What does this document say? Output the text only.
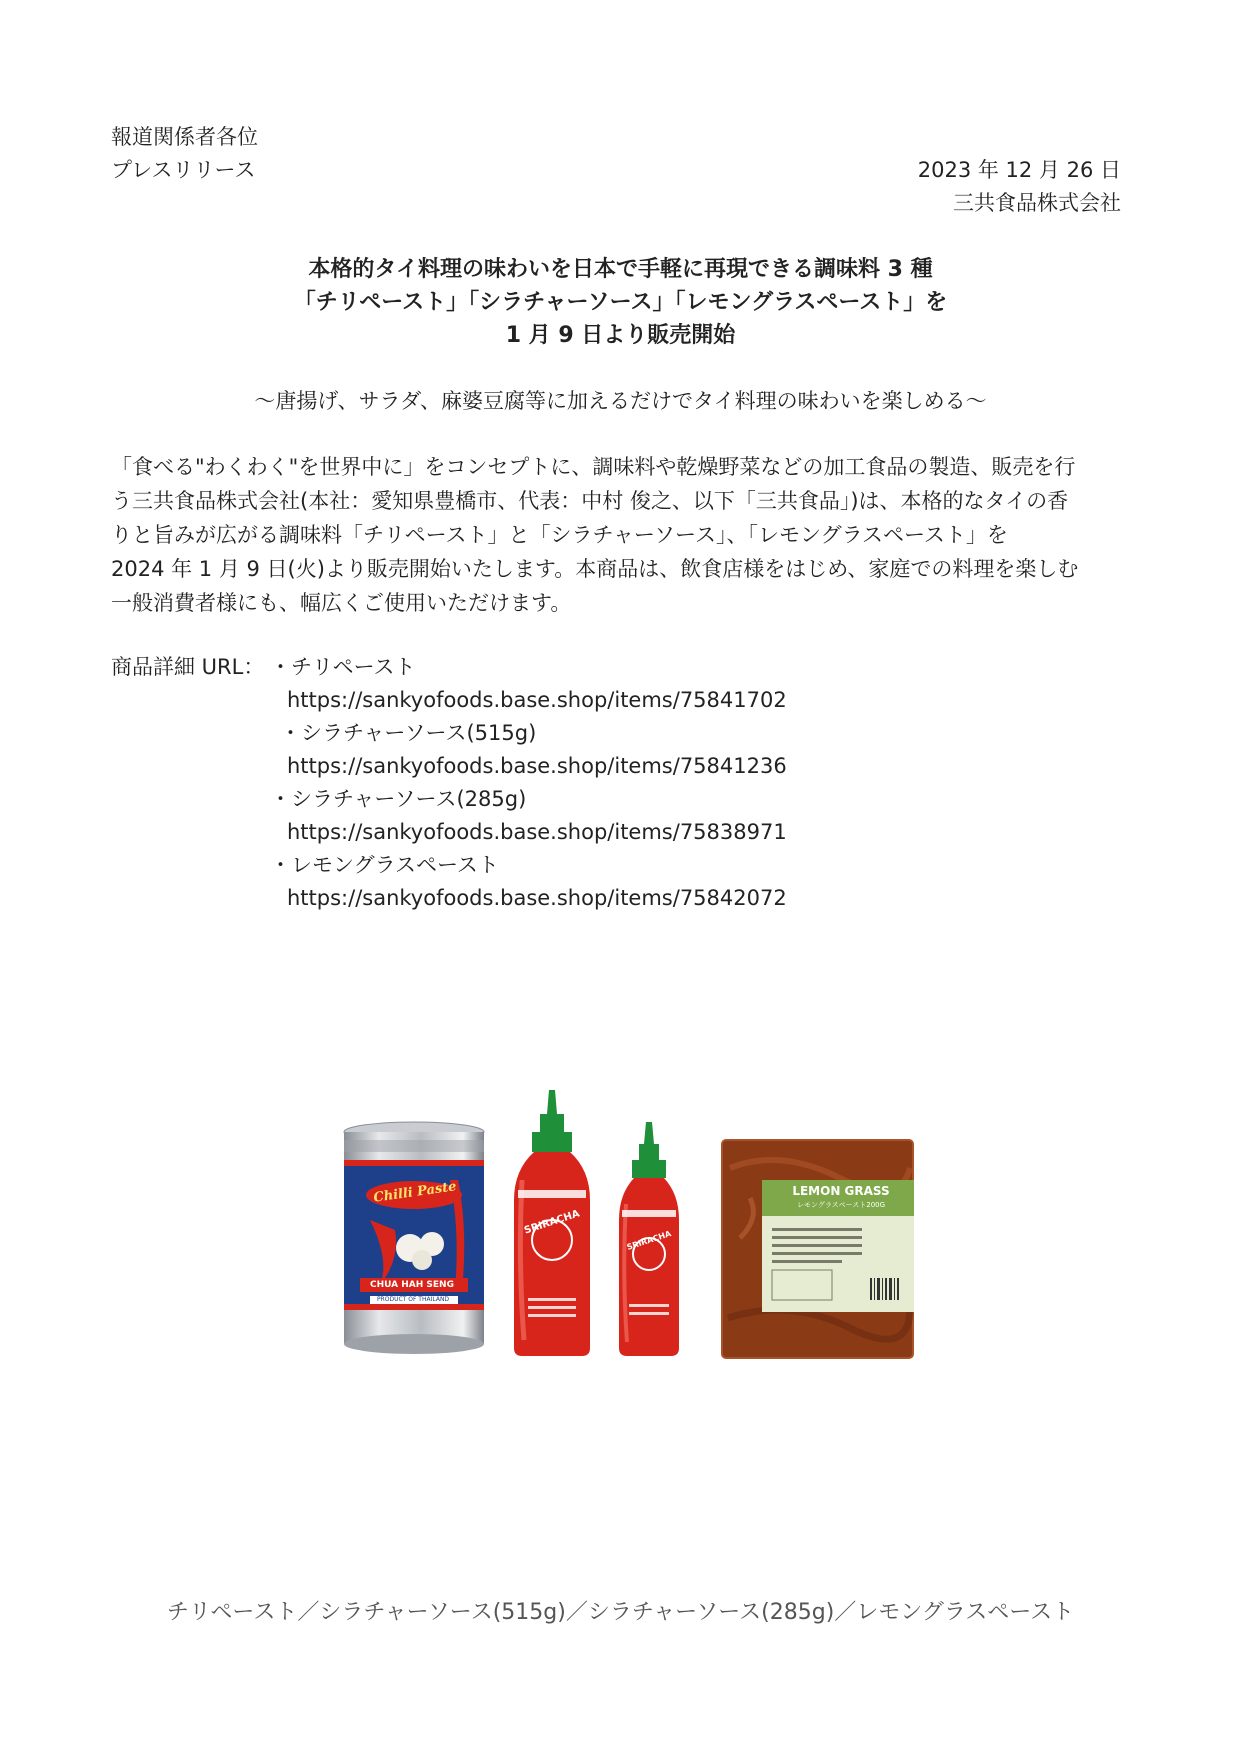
報道関係者各位
プレスリリース	2023 年 12 月 26 日
三共食品株式会社
本格的タイ料理の味わいを日本で手軽に再現できる調味料 3 種
「チリペースト」「シラチャーソース」「レモングラスペースト」を
1 月 9 日より販売開始
～唐揚げ、サラダ、麻婆豆腐等に加えるだけでタイ料理の味わいを楽しめる～
「食べる"わくわく"を世界中に」をコンセプトに、調味料や乾燥野菜などの加工食品の製造、販売を行
う三共食品株式会社(本社：愛知県豊橋市、代表：中村 俊之、以下「三共食品」)は、本格的なタイの香
りと旨みが広がる調味料「チリペースト」と「シラチャーソース」、「レモングラスペースト」を
2024 年 1 月 9 日(火)より販売開始いたします。本商品は、飲食店様をはじめ、家庭での料理を楽しむ
一般消費者様にも、幅広くご使用いただけます。
商品詳細 URL： ・チリペースト
https://sankyofoods.base.shop/items/75841702
・シラチャーソース(515g)
https://sankyofoods.base.shop/items/75841236
・シラチャーソース(285g)
https://sankyofoods.base.shop/items/75838971
・レモングラスペースト
https://sankyofoods.base.shop/items/75842072
Chilli Paste
CHUA HAH SENG
PRODUCT OF THAILAND
SRIRACHA
SRIRACHA
LEMON GRASS
レモングラスペースト200G
チリペースト／シラチャーソース(515g)／シラチャーソース(285g)／レモングラスペースト
